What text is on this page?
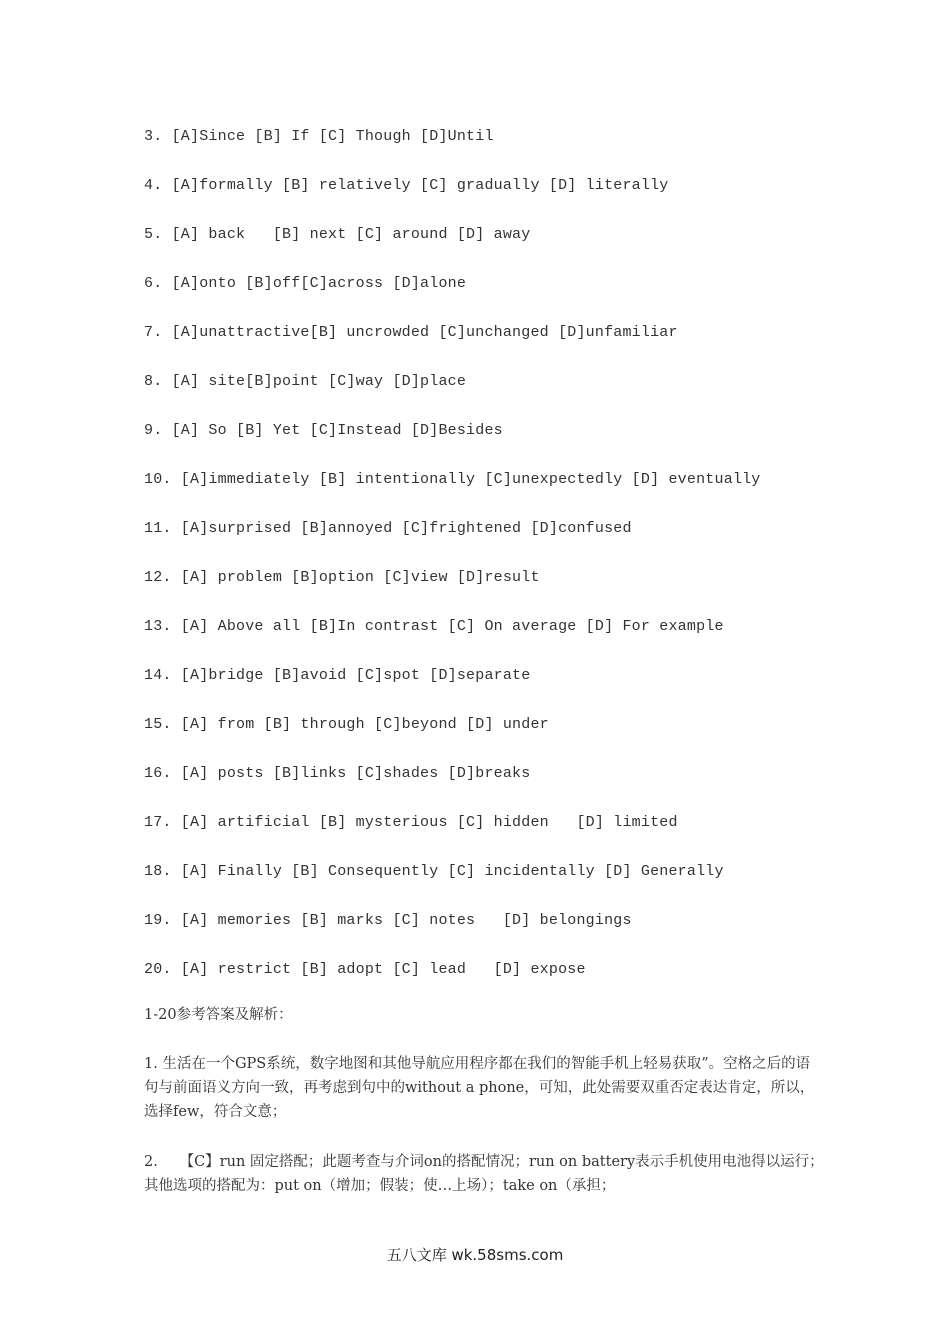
3. [A]Since [B] If [C] Though [D]Until
4. [A]formally [B] relatively [C] gradually [D] literally
5. [A] back   [B] next [C] around [D] away
6. [A]onto [B]off[C]across [D]alone
7. [A]unattractive[B] uncrowded [C]unchanged [D]unfamiliar
8. [A] site[B]point [C]way [D]place
9. [A] So [B] Yet [C]Instead [D]Besides
10. [A]immediately [B] intentionally [C]unexpectedly [D] eventually
11. [A]surprised [B]annoyed [C]frightened [D]confused
12. [A] problem [B]option [C]view [D]result
13. [A] Above all [B]In contrast [C] On average [D] For example
14. [A]bridge [B]avoid [C]spot [D]separate
15. [A] from [B] through [C]beyond [D] under
16. [A] posts [B]links [C]shades [D]breaks
17. [A] artificial [B] mysterious [C] hidden   [D] limited
18. [A] Finally [B] Consequently [C] incidentally [D] Generally
19. [A] memories [B] marks [C] notes   [D] belongings
20. [A] restrict [B] adopt [C] lead   [D] expose
1-20参考答案及解析：
1. 生活在一个GPS系统，数字地图和其他导航应用程序都在我们的智能手机上轻易获取”。空格之后的语句与前面语义方向一致，再考虑到句中的without a phone，可知，此处需要双重否定表达肯定，所以，选择few，符合文意；
2.　　【C】run 固定搭配；此题考查与介词on的搭配情况；run on battery表示手机使用电池得以运行；其他选项的搭配为：put on（增加；假装；使…上场）；take on（承担；
五八文库 wk.58sms.com
